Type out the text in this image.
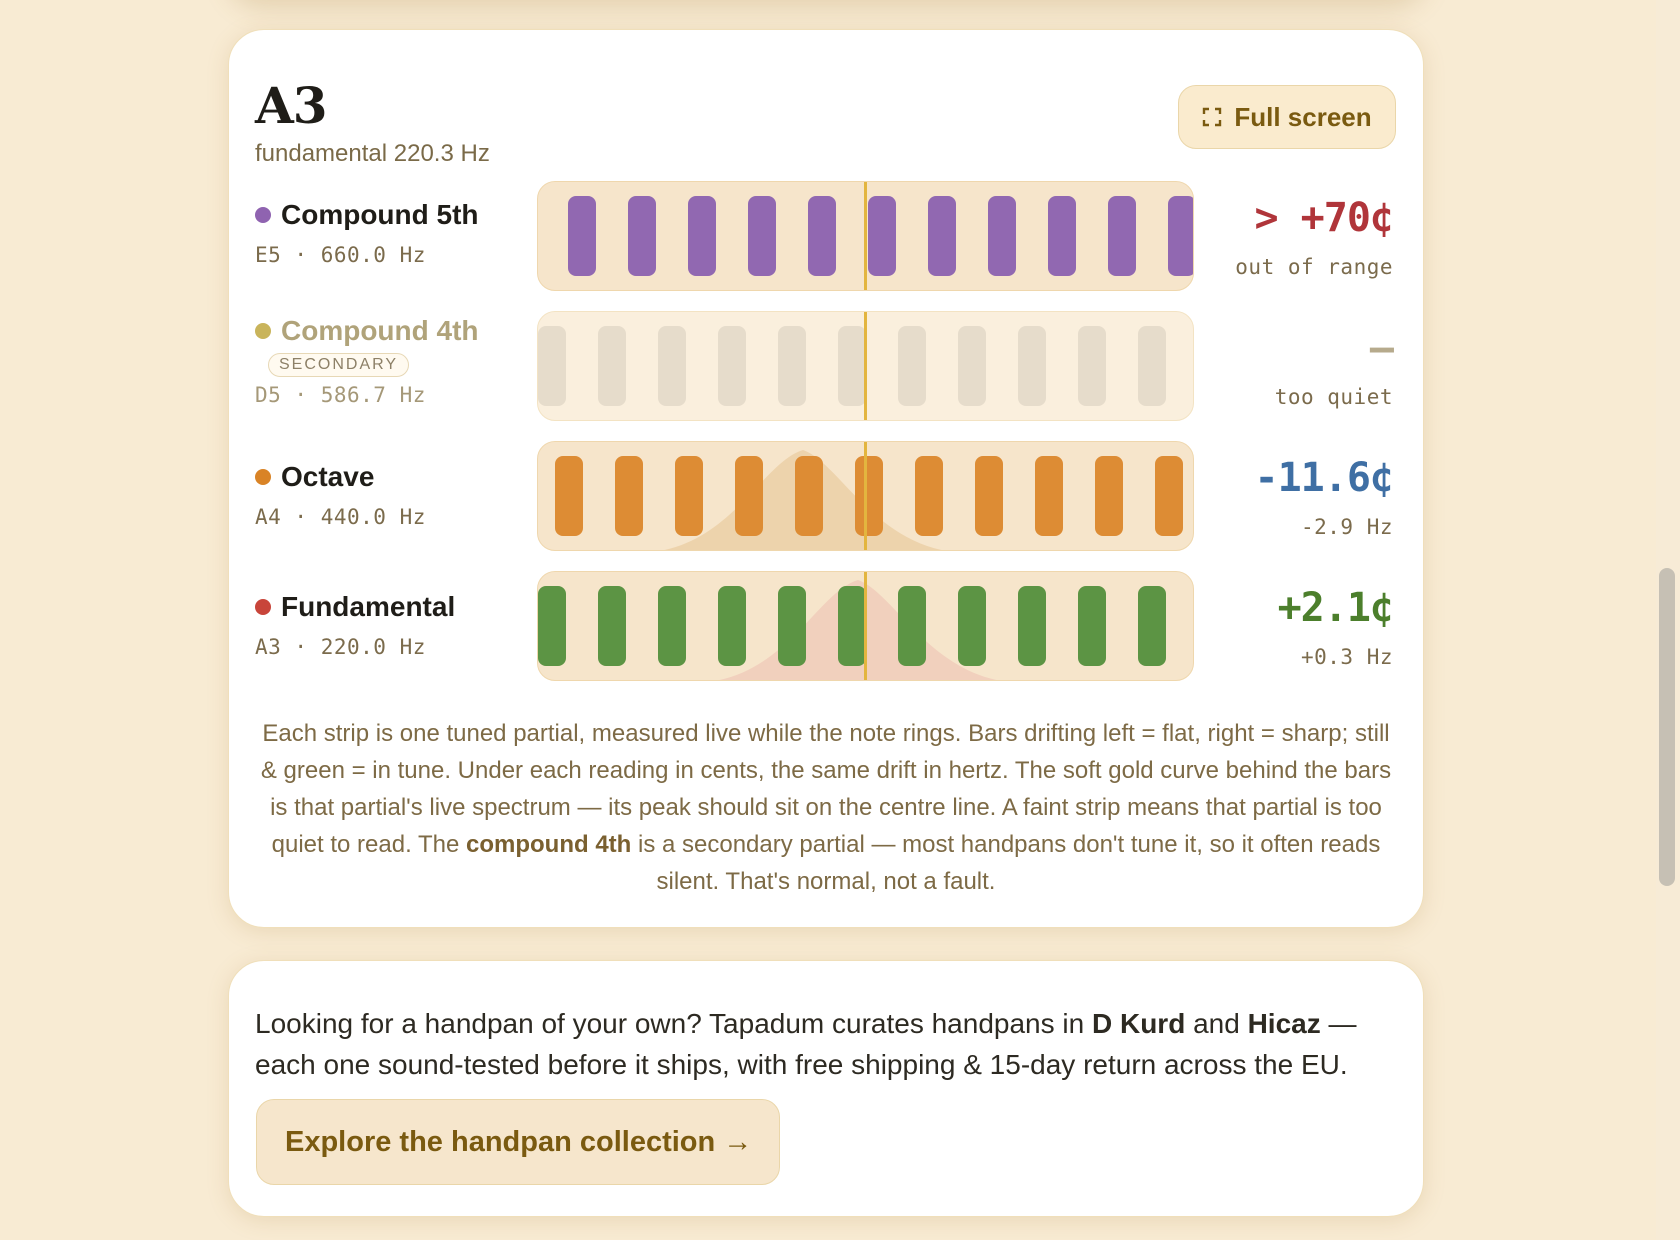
A3
fundamental 220.3 Hz
Full screen
Compound 5th
E5 · 660.0 Hz
> +70¢
out of range
Compound 4th
SECONDARY
D5 · 586.7 Hz
—
too quiet
Octave
A4 · 440.0 Hz
-11.6¢
-2.9 Hz
Fundamental
A3 · 220.0 Hz
+2.1¢
+0.3 Hz
Each strip is one tuned partial, measured live while the note rings. Bars drifting left = flat, right = sharp; still & green = in tune. Under each reading in cents, the same drift in hertz. The soft gold curve behind the bars is that partial's live spectrum — its peak should sit on the centre line. A faint strip means that partial is too quiet to read. The compound 4th is a secondary partial — most handpans don't tune it, so it often reads silent. That's normal, not a fault.
Looking for a handpan of your own? Tapadum curates handpans in D Kurd and Hicaz — each one sound-tested before it ships, with free shipping & 15-day return across the EU.
Explore the handpan collection →
